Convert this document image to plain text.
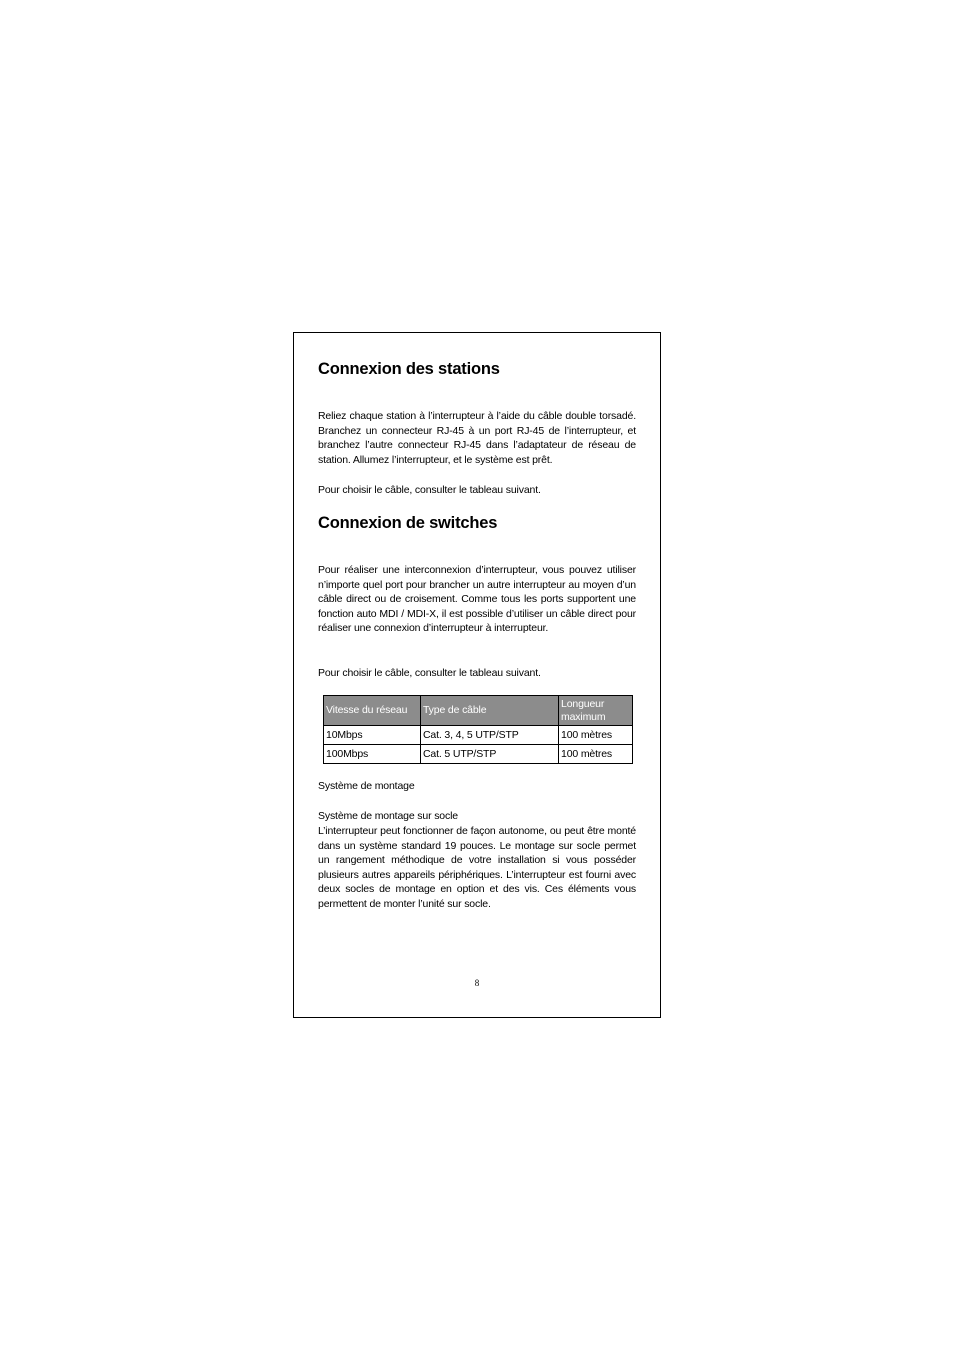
Connexion des stations

Reliez chaque station à l’interrupteur à l’aide du câble double torsadé. Branchez un connecteur RJ-45 à un port RJ-45 de l’interrupteur, et branchez l’autre connecteur RJ-45 dans l’adaptateur de réseau de station. Allumez l’interrupteur, et le système est prêt.

Pour choisir le câble, consulter le tableau suivant.

Connexion de switches

Pour réaliser une interconnexion d’interrupteur, vous pouvez utiliser n’importe quel port pour brancher un autre interrupteur au moyen d’un câble direct ou de croisement. Comme tous les ports supportent une fonction auto MDI / MDI-X, il est possible d’utiliser un câble direct pour réaliser une connexion d’interrupteur à interrupteur.

Pour choisir le câble, consulter le tableau suivant.

Vitesse du réseau	Type de câble	Longueur maximum
10Mbps	Cat. 3, 4, 5 UTP/STP	100 mètres
100Mbps	Cat. 5 UTP/STP	100 mètres

Système de montage

Système de montage sur socle

L’interrupteur peut fonctionner de façon autonome, ou peut être monté dans un système standard 19 pouces. Le montage sur socle permet un rangement méthodique de votre installation si vous posséder plusieurs autres appareils périphériques. L’interrupteur est fourni avec deux socles de montage en option et des vis. Ces éléments vous permettent de monter l’unité sur socle.

8
